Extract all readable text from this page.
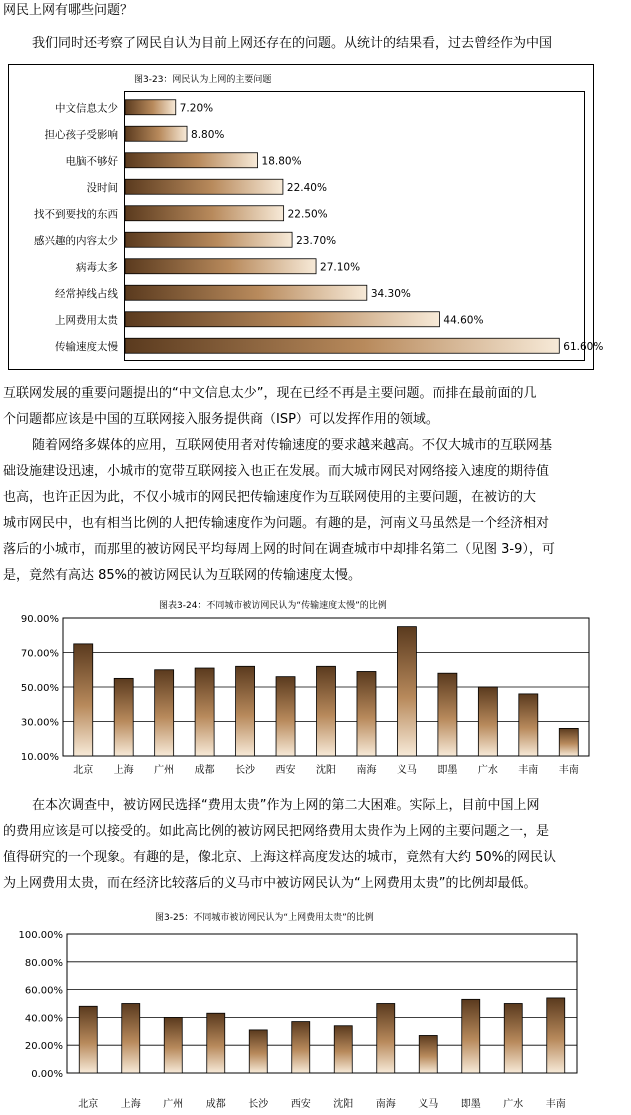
网民上网有哪些问题？
我们同时还考察了网民自认为目前上网还存在的问题。从统计的结果看，过去曾经作为中国
图3-23：网民认为上网的主要问题
中文信息太少	7.20%
担心孩子受影响	8.80%
电脑不够好	18.80%
没时间	22.40%
找不到要找的东西	22.50%
感兴趣的内容太少	23.70%
病毒太多	27.10%
经常掉线占线	34.30%
上网费用太贵	44.60%
传输速度太慢	61.60%
互联网发展的重要问题提出的“中文信息太少”，现在已经不再是主要问题。而排在最前面的几
个问题都应该是中国的互联网接入服务提供商（ISP）可以发挥作用的领域。
随着网络多媒体的应用，互联网使用者对传输速度的要求越来越高。不仅大城市的互联网基
础设施建设迅速，小城市的宽带互联网接入也正在发展。而大城市网民对网络接入速度的期待值
也高，也许正因为此，不仅小城市的网民把传输速度作为互联网使用的主要问题，在被访的大
城市网民中，也有相当比例的人把传输速度作为问题。有趣的是，河南义马虽然是一个经济相对
落后的小城市，而那里的被访网民平均每周上网的时间在调查城市中却排名第二（见图 3-9），可
是，竟然有高达 85%的被访网民认为互联网的传输速度太慢。
图表3-24：不同城市被访网民认为“传输速度太慢”的比例
10.00%
30.00%
50.00%
70.00%
90.00%
北京 上海 广州 成都 长沙 西安 沈阳 南海 义马 即墨 广水 丰南 丰南
在本次调查中，被访网民选择“费用太贵”作为上网的第二大困难。实际上，目前中国上网
的费用应该是可以接受的。如此高比例的被访网民把网络费用太贵作为上网的主要问题之一，是
值得研究的一个现象。有趣的是，像北京、上海这样高度发达的城市，竟然有大约 50%的网民认
为上网费用太贵，而在经济比较落后的义马市中被访网民认为“上网费用太贵”的比例却最低。
图3-25：不同城市被访网民认为“上网费用太贵”的比例
0.00%
20.00%
40.00%
60.00%
80.00%
100.00%
北京 上海 广州 成都 长沙 西安 沈阳 南海 义马 即墨 广水 丰南
